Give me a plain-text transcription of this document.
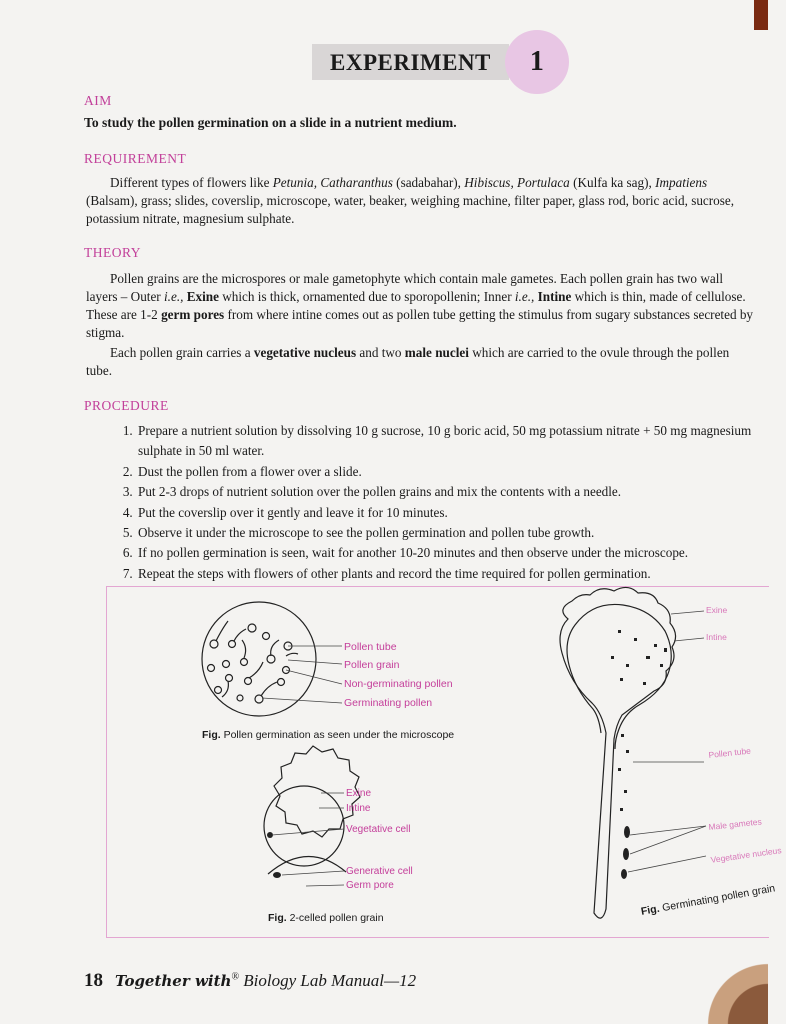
EXPERIMENT	1
AIM
To study the pollen germination on a slide in a nutrient medium.
REQUIREMENT
Different types of flowers like Petunia, Catharanthus (sadabahar), Hibiscus, Portulaca (Kulfa ka sag), Impatiens (Balsam), grass; slides, coverslip, microscope, water, beaker, weighing machine, filter paper, glass rod, boric acid, sucrose, potassium nitrate, magnesium sulphate.
THEORY
Pollen grains are the microspores or male gametophyte which contain male gametes. Each pollen grain has two wall layers – Outer i.e., Exine which is thick, ornamented due to sporopollenin; Inner i.e., Intine which is thin, made of cellulose. These are 1-2 germ pores from where intine comes out as pollen tube getting the stimulus from sugary substances secreted by stigma.
Each pollen grain carries a vegetative nucleus and two male nuclei which are carried to the ovule through the pollen tube.
PROCEDURE
1. Prepare a nutrient solution by dissolving 10 g sucrose, 10 g boric acid, 50 mg potassium nitrate + 50 mg magnesium sulphate in 50 ml water.
2. Dust the pollen from a flower over a slide.
3. Put 2-3 drops of nutrient solution over the pollen grains and mix the contents with a needle.
4. Put the coverslip over it gently and leave it for 10 minutes.
5. Observe it under the microscope to see the pollen germination and pollen tube growth.
6. If no pollen germination is seen, wait for another 10-20 minutes and then observe under the microscope.
7. Repeat the steps with flowers of other plants and record the time required for pollen germination.
Pollen tube
Pollen grain
Non-germinating pollen
Germinating pollen
Fig. Pollen germination as seen under the microscope
Exine
Intine
Vegetative cell
Generative cell
Germ pore
Fig. 2-celled pollen grain
Exine
Intine
Pollen tube
Male gametes
Vegetative nucleus
Fig. Germinating pollen grain
18 Together with® Biology Lab Manual—12
